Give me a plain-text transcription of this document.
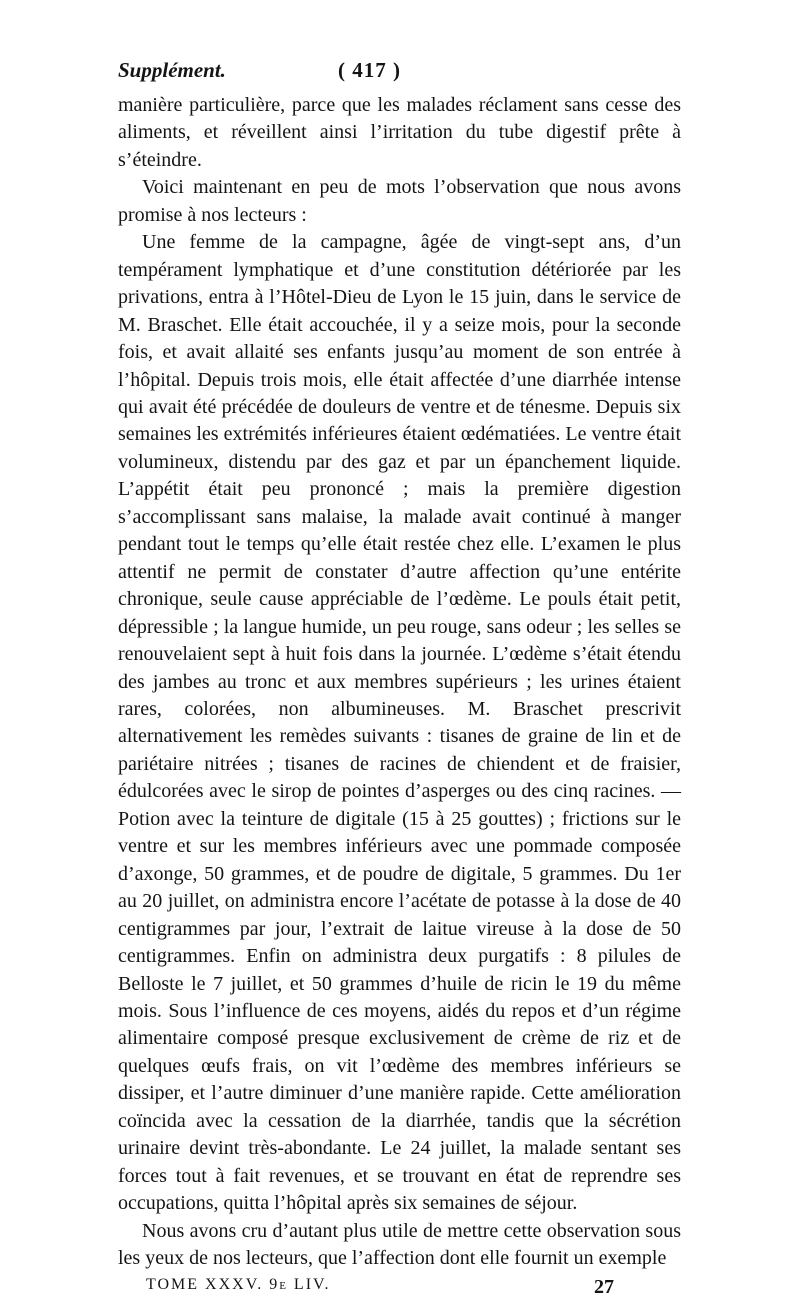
Supplément.	( 417 )

manière particulière, parce que les malades réclament sans cesse des aliments, et réveillent ainsi l’irritation du tube digestif prête à s’éteindre.

Voici maintenant en peu de mots l’observation que nous avons promise à nos lecteurs :

Une femme de la campagne, âgée de vingt-sept ans, d’un tempérament lymphatique et d’une constitution détériorée par les privations, entra à l’Hôtel-Dieu de Lyon le 15 juin, dans le service de M. Braschet. Elle était accouchée, il y a seize mois, pour la seconde fois, et avait allaité ses enfants jusqu’au moment de son entrée à l’hôpital. Depuis trois mois, elle était affectée d’une diarrhée intense qui avait été précédée de douleurs de ventre et de ténesme. Depuis six semaines les extrémités inférieures étaient œdématiées. Le ventre était volumineux, distendu par des gaz et par un épanchement liquide. L’appétit était peu prononcé ; mais la première digestion s’accomplissant sans malaise, la malade avait continué à manger pendant tout le temps qu’elle était restée chez elle. L’examen le plus attentif ne permit de constater d’autre affection qu’une entérite chronique, seule cause appréciable de l’œdème. Le pouls était petit, dépressible ; la langue humide, un peu rouge, sans odeur ; les selles se renouvelaient sept à huit fois dans la journée. L’œdème s’était étendu des jambes au tronc et aux membres supérieurs ; les urines étaient rares, colorées, non albumineuses. M. Braschet prescrivit alternativement les remèdes suivants : tisanes de graine de lin et de pariétaire nitrées ; tisanes de racines de chiendent et de fraisier, édulcorées avec le sirop de pointes d’asperges ou des cinq racines. — Potion avec la teinture de digitale (15 à 25 gouttes) ; frictions sur le ventre et sur les membres inférieurs avec une pommade composée d’axonge, 50 grammes, et de poudre de digitale, 5 grammes. Du 1er au 20 juillet, on administra encore l’acétate de potasse à la dose de 40 centigrammes par jour, l’extrait de laitue vireuse à la dose de 50 centigrammes. Enfin on administra deux purgatifs : 8 pilules de Belloste le 7 juillet, et 50 grammes d’huile de ricin le 19 du même mois. Sous l’influence de ces moyens, aidés du repos et d’un régime alimentaire composé presque exclusivement de crème de riz et de quelques œufs frais, on vit l’œdème des membres inférieurs se dissiper, et l’autre diminuer d’une manière rapide. Cette amélioration coïncida avec la cessation de la diarrhée, tandis que la sécrétion urinaire devint très-abondante. Le 24 juillet, la malade sentant ses forces tout à fait revenues, et se trouvant en état de reprendre ses occupations, quitta l’hôpital après six semaines de séjour.

Nous avons cru d’autant plus utile de mettre cette observation sous les yeux de nos lecteurs, que l’affection dont elle fournit un exemple

TOME XXXV. 9e LIV.	27
